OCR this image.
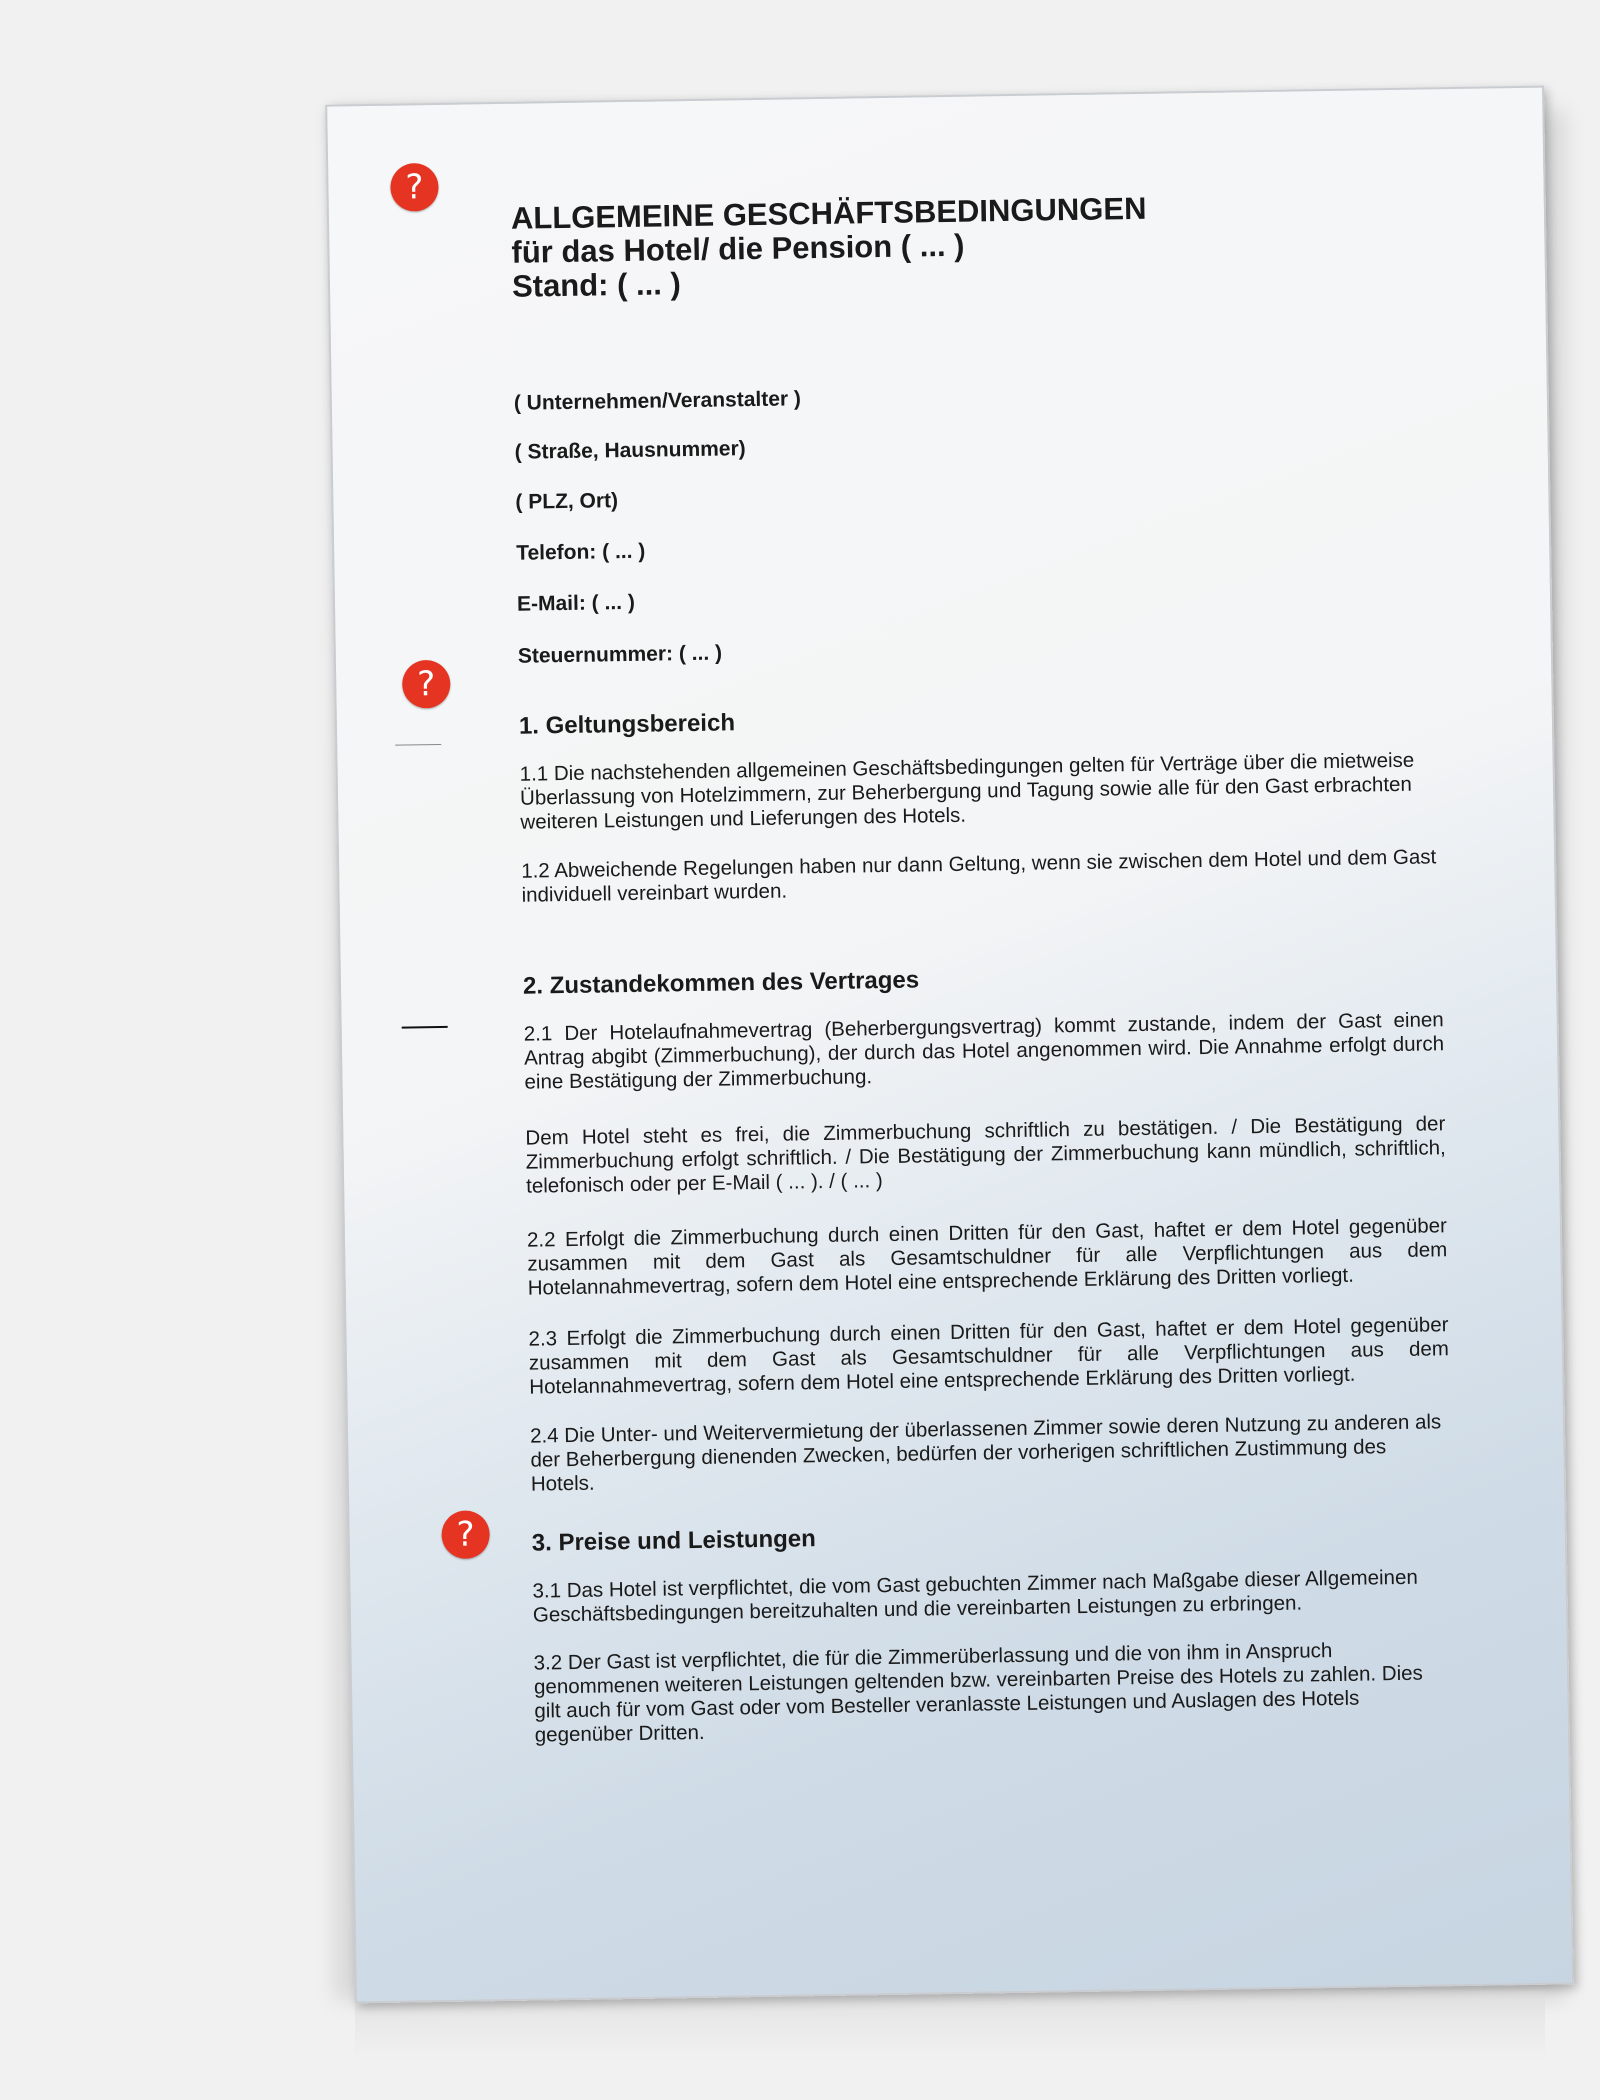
?
?
?
ALLGEMEINE GESCHÄFTSBEDINGUNGEN
für das Hotel/ die Pension ( ... )
Stand: ( ... )
( Unternehmen/Veranstalter )
( Straße, Hausnummer)
( PLZ, Ort)
Telefon: ( ... )
E-Mail: ( ... )
Steuernummer: ( ... )
1. Geltungsbereich

1.1 Die nachstehenden allgemeinen Geschäftsbedingungen gelten für Verträge über die mietweise Überlassung von Hotelzimmern, zur Beherbergung und Tagung sowie alle für den Gast erbrachten weiteren Leistungen und Lieferungen des Hotels.

1.2 Abweichende Regelungen haben nur dann Geltung, wenn sie zwischen dem Hotel und dem Gast individuell vereinbart wurden.

2. Zustandekommen des Vertrages

2.1 Der Hotelaufnahmevertrag (Beherbergungsvertrag) kommt zustande, indem der Gast einen Antrag abgibt (Zimmerbuchung), der durch das Hotel angenommen wird. Die Annahme erfolgt durch eine Bestätigung der Zimmerbuchung.

Dem Hotel steht es frei, die Zimmerbuchung schriftlich zu bestätigen. / Die Bestätigung der Zimmerbuchung erfolgt schriftlich. / Die Bestätigung der Zimmerbuchung kann mündlich, schriftlich, telefonisch oder per E-Mail ( ... ). / ( ... )

2.2 Erfolgt die Zimmerbuchung durch einen Dritten für den Gast, haftet er dem Hotel gegenüber zusammen mit dem Gast als Gesamtschuldner für alle Verpflichtungen aus dem Hotelannahmevertrag, sofern dem Hotel eine entsprechende Erklärung des Dritten vorliegt.

2.3 Erfolgt die Zimmerbuchung durch einen Dritten für den Gast, haftet er dem Hotel gegenüber zusammen mit dem Gast als Gesamtschuldner für alle Verpflichtungen aus dem Hotelannahmevertrag, sofern dem Hotel eine entsprechende Erklärung des Dritten vorliegt.

2.4 Die Unter- und Weitervermietung der überlassenen Zimmer sowie deren Nutzung zu anderen als der Beherbergung dienenden Zwecken, bedürfen der vorherigen schriftlichen Zustimmung des Hotels.

3. Preise und Leistungen

3.1 Das Hotel ist verpflichtet, die vom Gast gebuchten Zimmer nach Maßgabe dieser Allgemeinen Geschäftsbedingungen bereitzuhalten und die vereinbarten Leistungen zu erbringen.

3.2 Der Gast ist verpflichtet, die für die Zimmerüberlassung und die von ihm in Anspruch genommenen weiteren Leistungen geltenden bzw. vereinbarten Preise des Hotels zu zahlen. Dies gilt auch für vom Gast oder vom Besteller veranlasste Leistungen und Auslagen des Hotels gegenüber Dritten.
